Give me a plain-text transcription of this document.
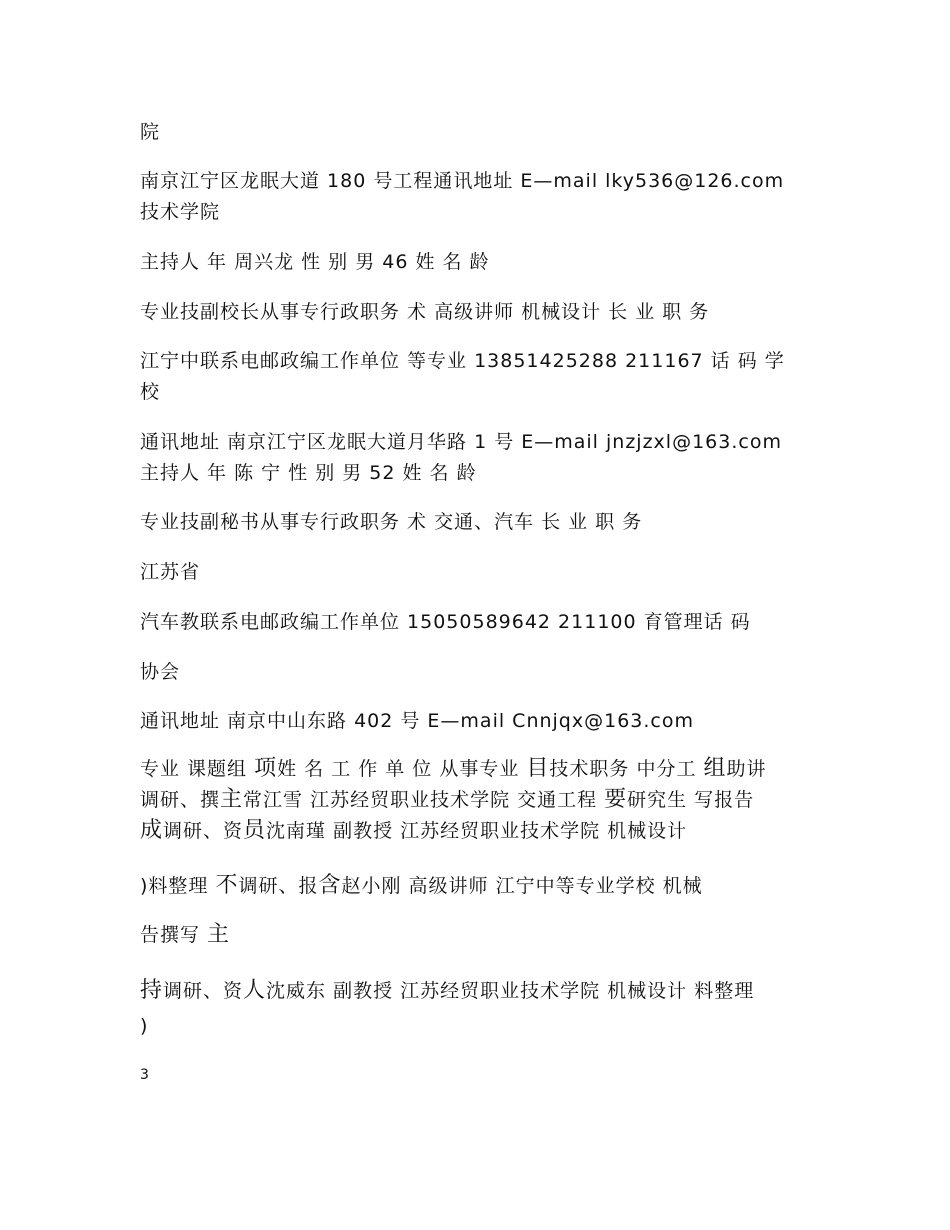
院
南京江宁区龙眠大道 180 号工程通讯地址 E—mail lky536@126.com
技术学院
主持人 年 周兴龙 性 别 男 46 姓 名 龄
专业技副校长从事专行政职务 术 高级讲师 机械设计 长 业 职 务
江宁中联系电邮政编工作单位 等专业 13851425288 211167 话 码 学
校
通讯地址 南京江宁区龙眠大道月华路 1 号 E—mail jnzjzxl@163.com
主持人 年 陈 宁 性 别 男 52 姓 名 龄
专业技副秘书从事专行政职务 术 交通、汽车 长 业 职 务
江苏省
汽车教联系电邮政编工作单位 15050589642 211100 育管理话 码
协会
通讯地址 南京中山东路 402 号 E—mail Cnnjqx@163.com
专业 课题组 项姓 名 工 作 单 位 从事专业 目技术职务 中分工 组助讲
调研、撰主常江雪 江苏经贸职业技术学院 交通工程 要研究生 写报告
成调研、资员沈南瑾 副教授 江苏经贸职业技术学院 机械设计
)料整理 不调研、报含赵小刚 高级讲师 江宁中等专业学校 机械
告撰写 主
持调研、资人沈威东 副教授 江苏经贸职业技术学院 机械设计 料整理
)
3
